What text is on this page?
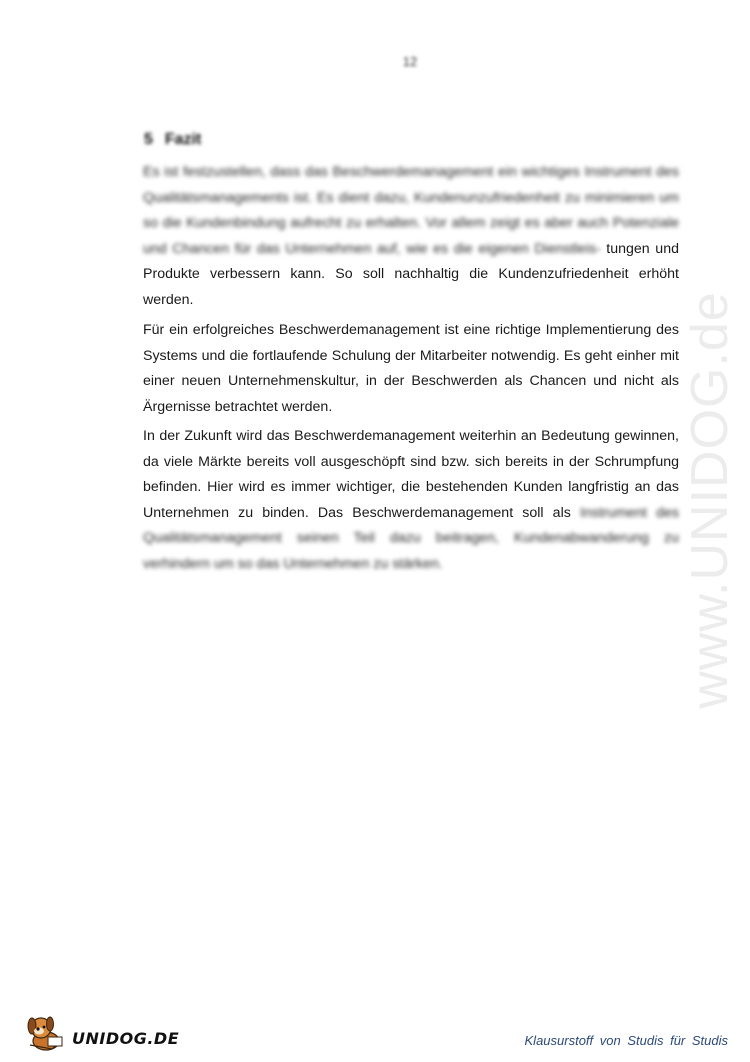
12
5 Fazit
Es ist festzustellen, dass das Beschwerdemanagement ein wichtiges Instrument des Qualitätsmanagements ist. Es dient dazu, Kundenunzufriedenheit zu minimieren um so die Kundenbindung aufrecht zu erhalten. Vor allem zeigt es aber auch Potenziale und Chancen für das Unternehmen auf, wie es die eigenen Dienstleis- tungen und Produkte verbessern kann. So soll nachhaltig die Kundenzufriedenheit erhöht werden.
Für ein erfolgreiches Beschwerdemanagement ist eine richtige Implementierung des Systems und die fortlaufende Schulung der Mitarbeiter notwendig. Es geht einher mit einer neuen Unternehmenskultur, in der Beschwerden als Chancen und nicht als Ärgernisse betrachtet werden.
In der Zukunft wird das Beschwerdemanagement weiterhin an Bedeutung gewinnen, da viele Märkte bereits voll ausgeschöpft sind bzw. sich bereits in der Schrumpfung befinden. Hier wird es immer wichtiger, die bestehenden Kunden langfristig an das Unternehmen zu binden. Das Beschwerdemanagement soll als Instrument des Qualitätsmanagement seinen Teil dazu beitragen, Kundenabwanderung zu verhindern um so das Unternehmen zu stärken.	www.UNIDOG.de
UNIDOG.DE	Klausurstoff von Studis für Studis
